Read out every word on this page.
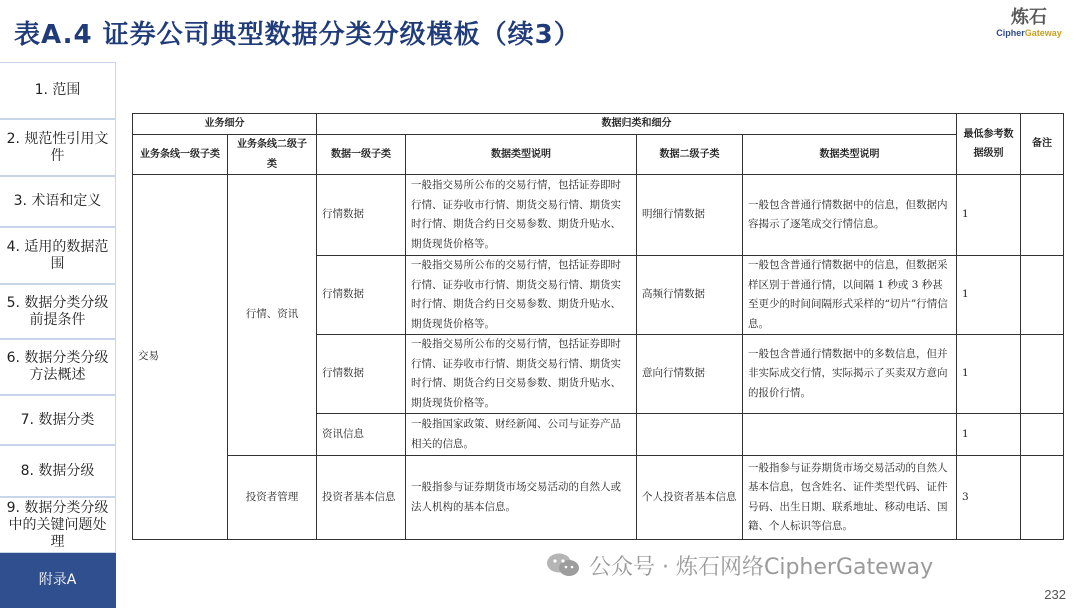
表A.4 证券公司典型数据分类分级模板（续3）
炼石
CipherGateway
1. 范围
2. 规范性引用文件
3. 术语和定义
4. 适用的数据范围
5. 数据分类分级前提条件
6. 数据分类分级方法概述
7. 数据分类
8. 数据分级
9. 数据分类分级中的关键问题处理
附录A
业务细分		数据归类和细分				最低参考数据级别	备注
业务条线一级子类	业务条线二级子类	数据一级子类	数据类型说明	数据二级子类	数据类型说明		
交易	行情、资讯	行情数据	一般指交易所公布的交易行情，包括证券即时行情、证券收市行情、期货交易行情、期货实时行情、期货合约日交易参数、期货升贴水、期货现货价格等。	明细行情数据	一般包含普通行情数据中的信息，但数据内容揭示了逐笔成交行情信息。	1	
		行情数据	一般指交易所公布的交易行情，包括证券即时行情、证券收市行情、期货交易行情、期货实时行情、期货合约日交易参数、期货升贴水、期货现货价格等。	高频行情数据	一般包含普通行情数据中的信息，但数据采样区别于普通行情，以间隔 1 秒或 3 秒甚至更少的时间间隔形式采样的“切片”行情信息。	1	
		行情数据	一般指交易所公布的交易行情，包括证券即时行情、证券收市行情、期货交易行情、期货实时行情、期货合约日交易参数、期货升贴水、期货现货价格等。	意向行情数据	一般包含普通行情数据中的多数信息，但并非实际成交行情，实际揭示了买卖双方意向的报价行情。	1	
		资讯信息	一般指国家政策、财经新闻、公司与证券产品相关的信息。			1	
	投资者管理	投资者基本信息	一般指参与证券期货市场交易活动的自然人或法人机构的基本信息。	个人投资者基本信息	一般指参与证券期货市场交易活动的自然人基本信息，包含姓名、证件类型代码、证件号码、出生日期、联系地址、移动电话、国籍、个人标识等信息。	3	
公众号 · 炼石网络CipherGateway
232
